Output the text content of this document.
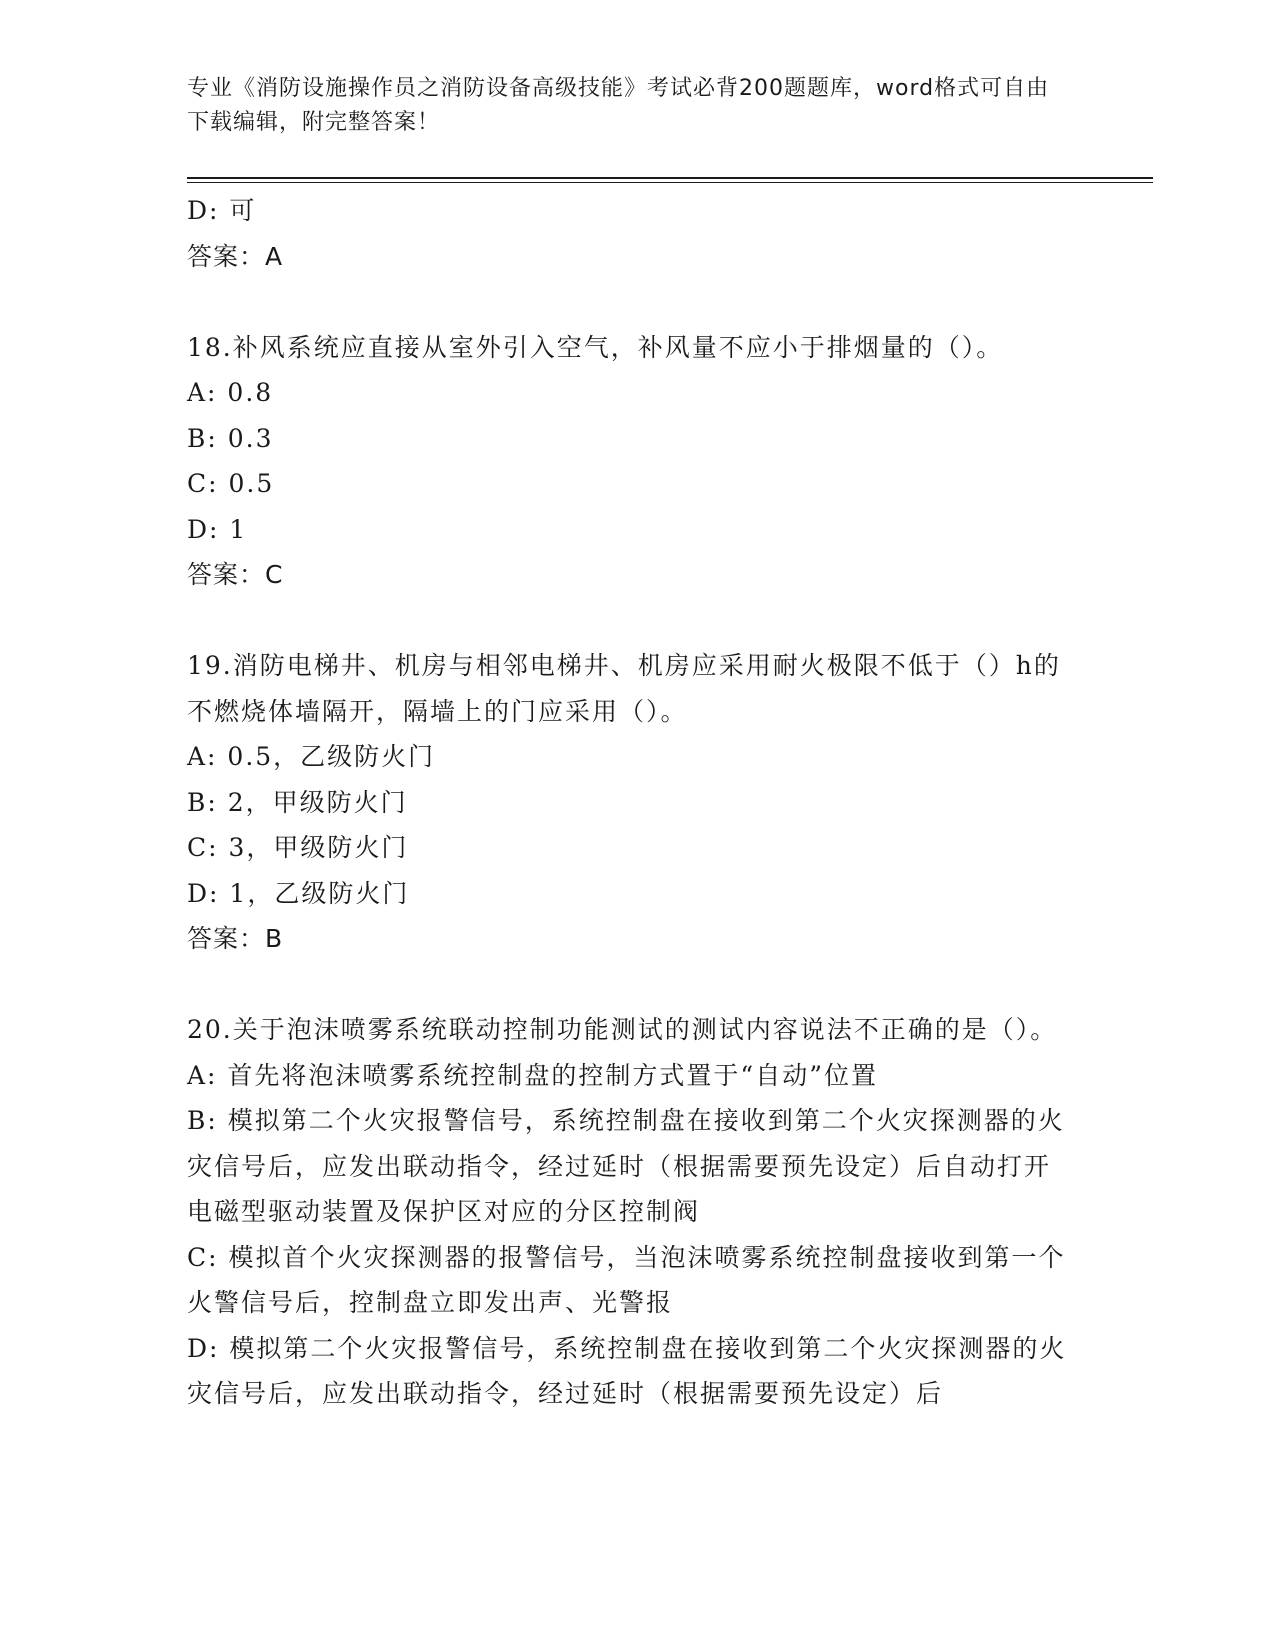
专业《消防设施操作员之消防设备高级技能》考试必背200题题库，word格式可自由下载编辑，附完整答案！
D: 可
答案：A
18.补风系统应直接从室外引入空气，补风量不应小于排烟量的（）。
A: 0.8
B: 0.3
C: 0.5
D: 1
答案：C
19.消防电梯井、机房与相邻电梯井、机房应采用耐火极限不低于（）h的不燃烧体墙隔开，隔墙上的门应采用（）。
A: 0.5，乙级防火门
B: 2，甲级防火门
C: 3，甲级防火门
D: 1，乙级防火门
答案：B
20.关于泡沫喷雾系统联动控制功能测试的测试内容说法不正确的是（）。
A: 首先将泡沫喷雾系统控制盘的控制方式置于“自动”位置
B: 模拟第二个火灾报警信号，系统控制盘在接收到第二个火灾探测器的火灾信号后，应发出联动指令，经过延时（根据需要预先设定）后自动打开电磁型驱动装置及保护区对应的分区控制阀
C: 模拟首个火灾探测器的报警信号，当泡沫喷雾系统控制盘接收到第一个火警信号后，控制盘立即发出声、光警报
D: 模拟第二个火灾报警信号，系统控制盘在接收到第二个火灾探测器的火灾信号后，应发出联动指令，经过延时（根据需要预先设定）后
